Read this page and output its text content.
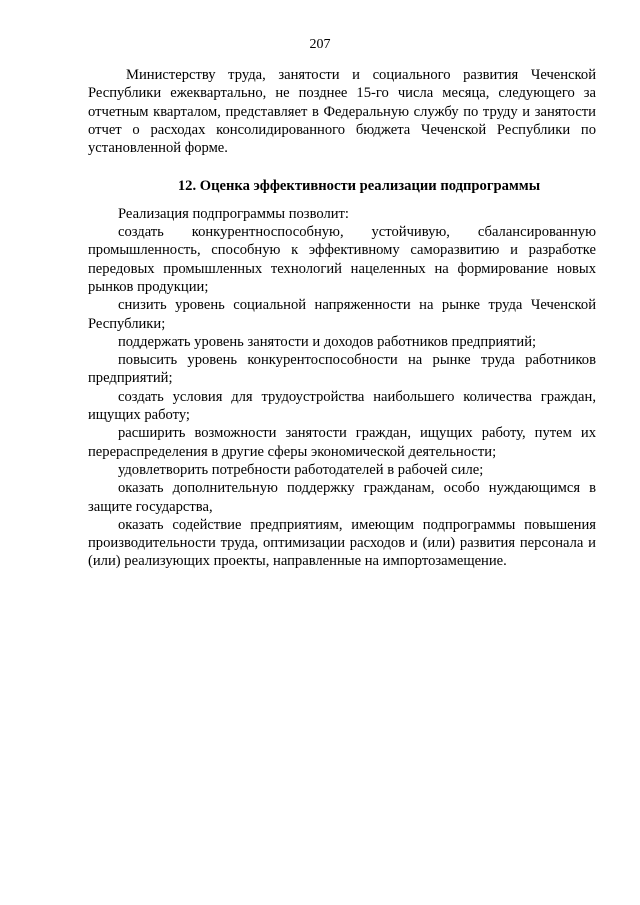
207

Министерству труда, занятости и социального развития Чеченской Республики ежеквартально, не позднее 15-го числа месяца, следующего за отчетным кварталом, представляет в Федеральную службу по труду и занятости отчет о расходах консолидированного бюджета Чеченской Республики по установленной форме.

12. Оценка эффективности реализации подпрограммы

Реализация подпрограммы позволит:

создать конкурентноспособную, устойчивую, сбалансированную промышленность, способную к эффективному саморазвитию и разработке передовых промышленных технологий нацеленных на формирование новых рынков продукции;
снизить уровень социальной напряженности на рынке труда Чеченской Республики;
поддержать уровень занятости и доходов работников предприятий;
повысить уровень конкурентоспособности на рынке труда работников предприятий;
создать условия для трудоустройства наибольшего количества граждан, ищущих работу;
расширить возможности занятости граждан, ищущих работу, путем их перераспределения в другие сферы экономической деятельности;
удовлетворить потребности работодателей в рабочей силе;
оказать дополнительную поддержку гражданам, особо нуждающимся в защите государства,
оказать содействие предприятиям, имеющим подпрограммы повышения производительности труда, оптимизации расходов и (или) развития персонала и (или) реализующих проекты, направленные на импортозамещение.
